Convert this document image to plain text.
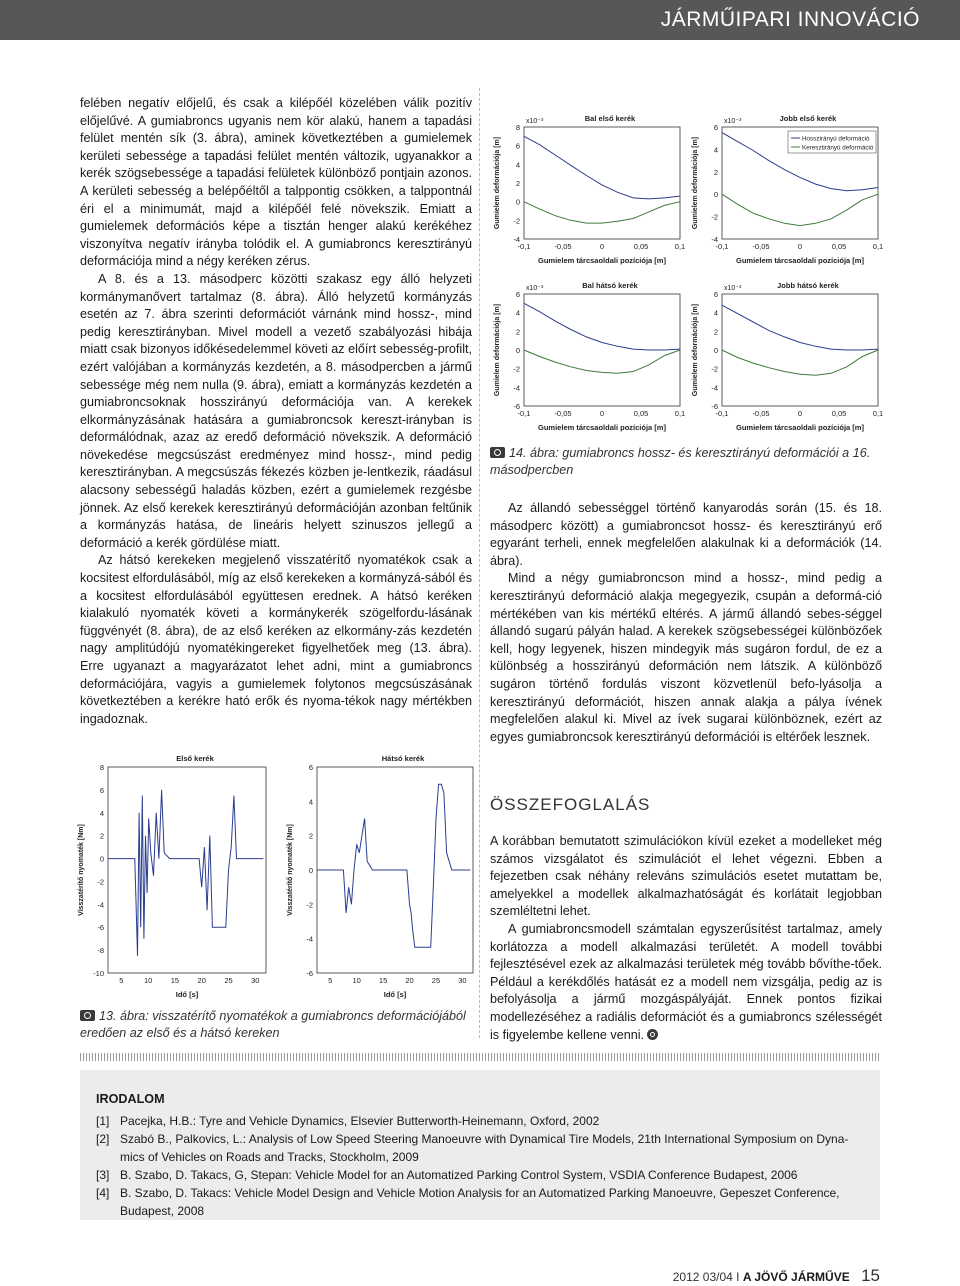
JÁRMŰIPARI INNOVÁCIÓ

felében negatív előjelű, és csak a kilépőél közelében válik pozitív előjelűvé. A gumiabroncs ugyanis nem kör alakú, hanem a tapadási felület mentén sík (3. ábra), aminek következtében a gumielemek kerületi sebessége a tapadási felület mentén változik, ugyanakkor a kerék szögsebessége a tapadási felületek különböző pontjain azonos. A kerületi sebesség a belépőéltől a talppontig csökken, a talppontnál éri el a minimumát, majd a kilépőél felé növekszik. Emiatt a gumielemek deformációs képe a tisztán henger alakú kerékéhez viszonyítva negatív irányba tolódik el. A gumiabroncs keresztirányú deformációja mind a négy keréken zérus.

A 8. és a 13. másodperc közötti szakasz egy álló helyzeti kormánymanővert tartalmaz (8. ábra). Álló helyzetű kormányzás esetén az 7. ábra szerinti deformációt várnánk mind hossz-, mind pedig keresztirányban. Mivel modell a vezető szabályozási hibája miatt csak bizonyos időkésedelemmel követi az előírt sebesség-profilt, ezért valójában a kormányzás kezdetén, a 8. másodpercben a jármű sebessége még nem nulla (9. ábra), emiatt a kormányzás kezdetén a gumiabroncsoknak hosszirányú deformációja van. A kerekek elkormányzásának hatására a gumiabroncsok kereszt-irányban is deformálódnak, azaz az eredő deformáció növekszik. A deformáció növekedése megcsúszást eredményez mind hossz-, mind pedig keresztirányban. A megcsúszás fékezés közben je-lentkezik, ráadásul alacsony sebességű haladás közben, ezért a gumielemek rezgésbe jönnek. Az első kerekek keresztirányú deformációján azonban feltűnik a kormányzás hatása, de lineáris helyett szinuszos jellegű a deformáció a kerék gördülése miatt.

Az hátsó kerekeken megjelenő visszatérítő nyomatékok csak a kocsitest elfordulásából, míg az első kerekeken a kormányzá-sából és a kocsitest elfordulásából együttesen erednek. A hátsó keréken kialakuló nyomaték követi a kormánykerék szögelfordu-lásának függvényét (8. ábra), de az első keréken az elkormány-zás kezdetén nagy amplitúdójú nyomatékingereket figyelhetőek meg (13. ábra). Erre ugyanazt a magyarázatot lehet adni, mint a gumiabroncs deformációjára, vagyis a gumielemek folytonos megcsúszásának következtében a kerékre ható erők és nyoma-tékok nagy mértékben ingadoznak.

-4
-2
0
2
4
6
8
-0,1	-0,05	0	0,05	0,1
Bal első kerék
Gumielem tárcsaoldali pozíciója [m]
Gumielem deformációja [m]
x10⁻³
-4
-2
0
2
4
6
-0,1	-0,05	0	0,05	0,1
Jobb első kerék
Gumielem tárcsaoldali pozíciója [m]
Gumielem deformációja [m]
x10⁻³
Hosszirányú deformáció
Keresztirányú deformáció
-6
-4
-2
0
2
4
6
-0,1	-0,05	0	0,05	0,1
Bal hátsó kerék
Gumielem tárcsaoldali pozíciója [m]
Gumielem deformációja [m]
x10⁻³
-6
-4
-2
0
2
4
6
-0,1	-0,05	0	0,05	0,1
Jobb hátsó kerék
Gumielem tárcsaoldali pozíciója [m]
Gumielem deformációja [m]
x10⁻³
14. ábra: gumiabroncs hossz- és keresztirányú deformációi a 16. másodpercben

Az állandó sebességgel történő kanyarodás során (15. és 18. másodperc között) a gumiabroncsot hossz- és keresztirányú erő egyaránt terheli, ennek megfelelően alakulnak ki a deformációk (14. ábra).

Mind a négy gumiabroncson mind a hossz-, mind pedig a keresztirányú deformáció alakja megegyezik, csupán a deformá-ció mértékében van kis mértékű eltérés. A jármű állandó sebes-séggel állandó sugarú pályán halad. A kerekek szögsebességei különbözőek kell, hogy legyenek, hiszen mindegyik más sugáron fordul, de ez a különbség a hosszirányú deformáción nem látszik. A különböző sugáron történő fordulás viszont közvetlenül befo-lyásolja a keresztirányú deformációt, hiszen annak alakja a pálya ívének megfelelően alakul ki. Mivel az ívek sugarai különböznek, ezért az egyes gumiabroncsok keresztirányú deformációi is eltérőek lesznek.

ÖSSZEFOGLALÁS

A korábban bemutatott szimulációkon kívül ezeket a modelleket még számos vizsgálatot és szimulációt el lehet végezni. Ebben a fejezetben csak néhány releváns szimulációs esetet mutattam be, amelyekkel a modellek alkalmazhatóságát és korlátait legjobban szemléltetni lehet.

A gumiabroncsmodell számtalan egyszerűsítést tartalmaz, amely korlátozza a modell alkalmazási területét. A modell további fejlesztésével ezek az alkalmazási területek még tovább bővíthe-tőek. Például a kerékdőlés hatását ez a modell nem vizsgálja, pedig az is befolyásolja a jármű mozgáspályáját. Ennek pontos fizikai modellezéséhez a radiális deformációt és a gumiabroncs szélességét is figyelembe kellene venni.

-10
-8
-6
-4
-2
0
2
4
6
8
5	10 15 20 25 30
Első kerék
Idő [s]
Visszatérítő nyomaték [Nm]
-6
-4
-2
0
2
4
6
5	10 15 20 25 30
Hátsó kerék
Idő [s]
Visszatérítő nyomaték [Nm]
13. ábra: visszatérítő nyomatékok a gumiabroncs deformációjából eredően az első és a hátsó kereken
IRODALOM
[1] Pacejka, H.B.: Tyre and Vehicle Dynamics, Elsevier Butterworth-Heinemann, Oxford, 2002
[2] Szabó B., Palkovics, L.: Analysis of Low Speed Steering Manoeuvre with Dynamical Tire Models, 21th International Symposium on Dyna-mics of Vehicles on Roads and Tracks, Stockholm, 2009
[3] B. Szabo, D. Takacs, G, Stepan: Vehicle Model for an Automatized Parking Control System, VSDIA Conference Budapest, 2006
[4] B. Szabo, D. Takacs: Vehicle Model Design and Vehicle Motion Analysis for an Automatized Parking Manoeuvre, Gepeszet Conference, Budapest, 2008
2012 03/04 I A JÖVŐ JÁRMŰVE 15
